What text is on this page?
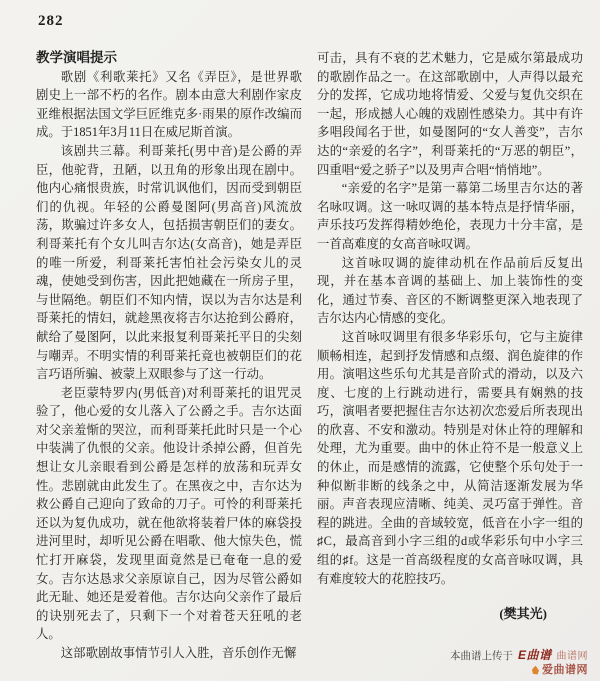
282
教学演唱提示

歌剧《利歌莱托》又名《弄臣》，是世界歌剧史上一部不朽的名作。剧本由意大利剧作家皮亚维根据法国文学巨匠维克多·雨果的原作改编而成。于1851年3月11日在威尼斯首演。

该剧共三幕。利哥莱托(男中音)是公爵的弄臣，他驼背，丑陋，以丑角的形象出现在剧中。他内心痛恨贵族，时常讥讽他们，因而受到朝臣们的仇视。年轻的公爵曼图阿(男高音)风流放荡，欺骗过许多女人，包括损害朝臣们的妻女。利哥莱托有个女儿叫吉尔达(女高音)，她是弄臣的唯一所爱，利哥莱托害怕社会污染女儿的灵魂，使她受到伤害，因此把她藏在一所房子里，与世隔绝。朝臣们不知内情，误以为吉尔达是利哥莱托的情妇，就趁黑夜将吉尔达抢到公爵府，献给了曼图阿，以此来报复利哥莱托平日的尖刻与嘲弄。不明实情的利哥莱托竟也被朝臣们的花言巧语所骗、被蒙上双眼参与了这一行动。

老臣蒙特罗内(男低音)对利哥莱托的诅咒灵验了，他心爱的女儿落入了公爵之手。吉尔达面对父亲羞惭的哭泣，而利哥莱托此时只是一个心中装满了仇恨的父亲。他设计杀掉公爵，但首先想让女儿亲眼看到公爵是怎样的放荡和玩弄女性。悲剧就由此发生了。在黑夜之中，吉尔达为救公爵自己迎向了致命的刀子。可怜的利哥莱托还以为复仇成功，就在他欲将装着尸体的麻袋投进河里时，却听见公爵在唱歌、他大惊失色，慌忙打开麻袋，发现里面竟然是已奄奄一息的爱女。吉尔达恳求父亲原谅自己，因为尽管公爵如此无耻、她还是爱着他。吉尔达向父亲作了最后的诀别死去了，只剩下一个对着苍天狂吼的老人。

这部歌剧故事情节引人入胜，音乐创作无懈

可击，具有不衰的艺术魅力，它是威尔第最成功的歌剧作品之一。在这部歌剧中，人声得以最充分的发挥，它成功地将情爱、父爱与复仇交织在一起，形成撼人心魄的戏剧性感染力。其中有许多唱段闻名于世，如曼图阿的“女人善变”，吉尔达的“亲爱的名字”，利哥莱托的“万恶的朝臣”，四重唱“爱之骄子”以及男声合唱“悄悄地”。

“亲爱的名字”是第一幕第二场里吉尔达的著名咏叹调。这一咏叹调的基本特点是抒情华丽，声乐技巧发挥得精妙绝伦，表现力十分丰富，是一首高难度的女高音咏叹调。

这首咏叹调的旋律动机在作品前后反复出现，并在基本音调的基础上、加上装饰性的变化，通过节奏、音区的不断调整更深入地表现了吉尔达内心情感的变化。

这首咏叹调里有很多华彩乐句，它与主旋律顺畅相连，起到抒发情感和点缀、润色旋律的作用。演唱这些乐句尤其是音阶式的滑动，以及六度、七度的上行跳动进行，需要具有娴熟的技巧，演唱者要把握住吉尔达初次恋爱后所表现出的欣喜、不安和激动。特别是对休止符的理解和处理，尤为重要。曲中的休止符不是一般意义上的休止，而是感情的流露，它使整个乐句处于一种似断非断的线条之中，从简洁逐渐发展为华丽。声音表现应清晰、纯美、灵巧富于弹性。音程的跳进。全曲的音域较宽，低音在小字一组的♯C，最高音到小字三组的d或华彩乐句中小字三组的♯f。这是一首高级程度的女高音咏叹调，具有难度较大的花腔技巧。

(樊其光)
本曲谱上传于 E曲谱 曲谱网
爱曲谱网
